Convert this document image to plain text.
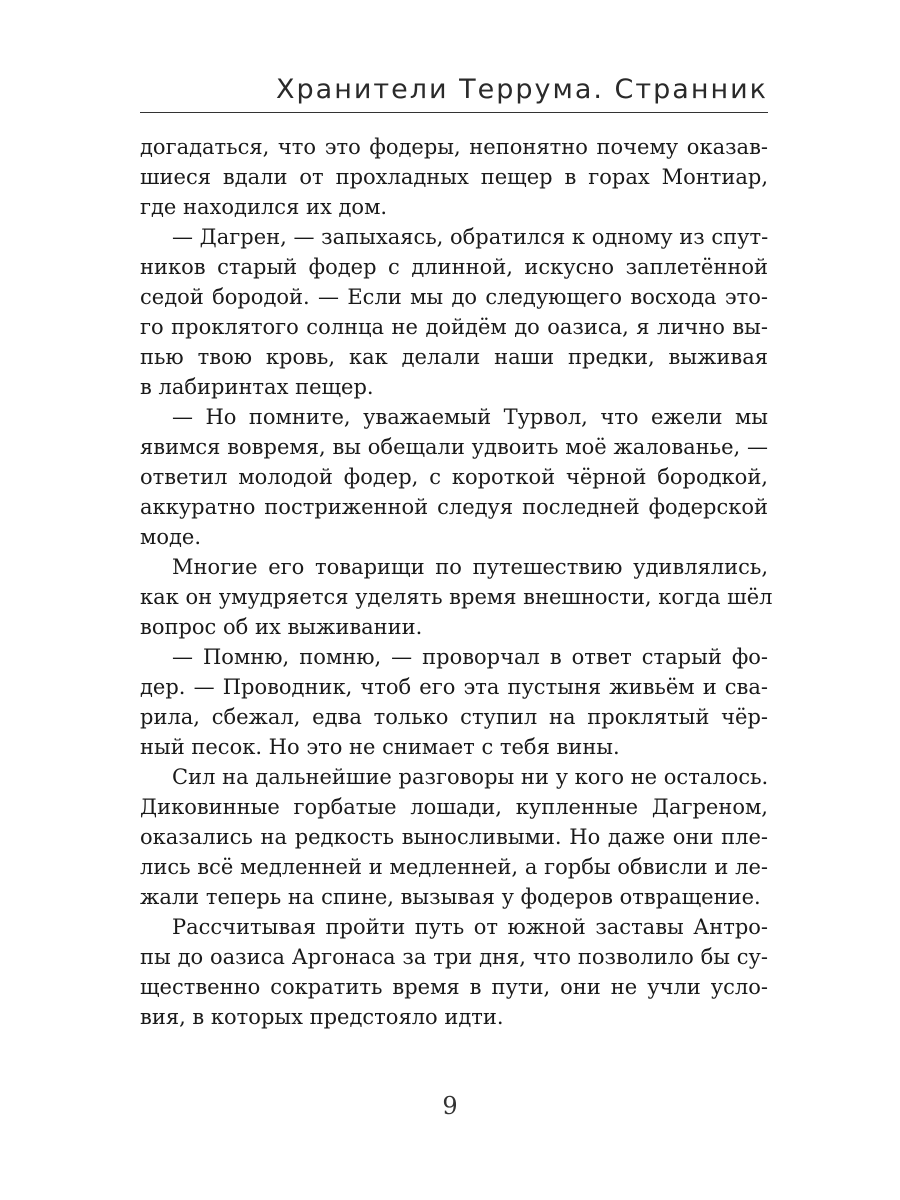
Хранители Террума. Странник
догадаться, что это фодеры, непонятно почему оказав-
шиеся вдали от прохладных пещер в горах Монтиар,
где находился их дом.
— Дагрен, — запыхаясь, обратился к одному из спут-
ников старый фодер с длинной, искусно заплетённой
седой бородой. — Если мы до следующего восхода это-
го проклятого солнца не дойдём до оазиса, я лично вы-
пью твою кровь, как делали наши предки, выживая
в лабиринтах пещер.
— Но помните, уважаемый Турвол, что ежели мы
явимся вовремя, вы обещали удвоить моё жалованье, —
ответил молодой фодер, с короткой чёрной бородкой,
аккуратно постриженной следуя последней фодерской
моде.
Многие его товарищи по путешествию удивлялись,
как он умудряется уделять время внешности, когда шёл
вопрос об их выживании.
— Помню, помню, — проворчал в ответ старый фо-
дер. — Проводник, чтоб его эта пустыня живьём и сва-
рила, сбежал, едва только ступил на проклятый чёр-
ный песок. Но это не снимает с тебя вины.
Сил на дальнейшие разговоры ни у кого не осталось.
Диковинные горбатые лошади, купленные Дагреном,
оказались на редкость выносливыми. Но даже они пле-
лись всё медленней и медленней, а горбы обвисли и ле-
жали теперь на спине, вызывая у фодеров отвращение.
Рассчитывая пройти путь от южной заставы Антро-
пы до оазиса Аргонаса за три дня, что позволило бы су-
щественно сократить время в пути, они не учли усло-
вия, в которых предстояло идти.
9
